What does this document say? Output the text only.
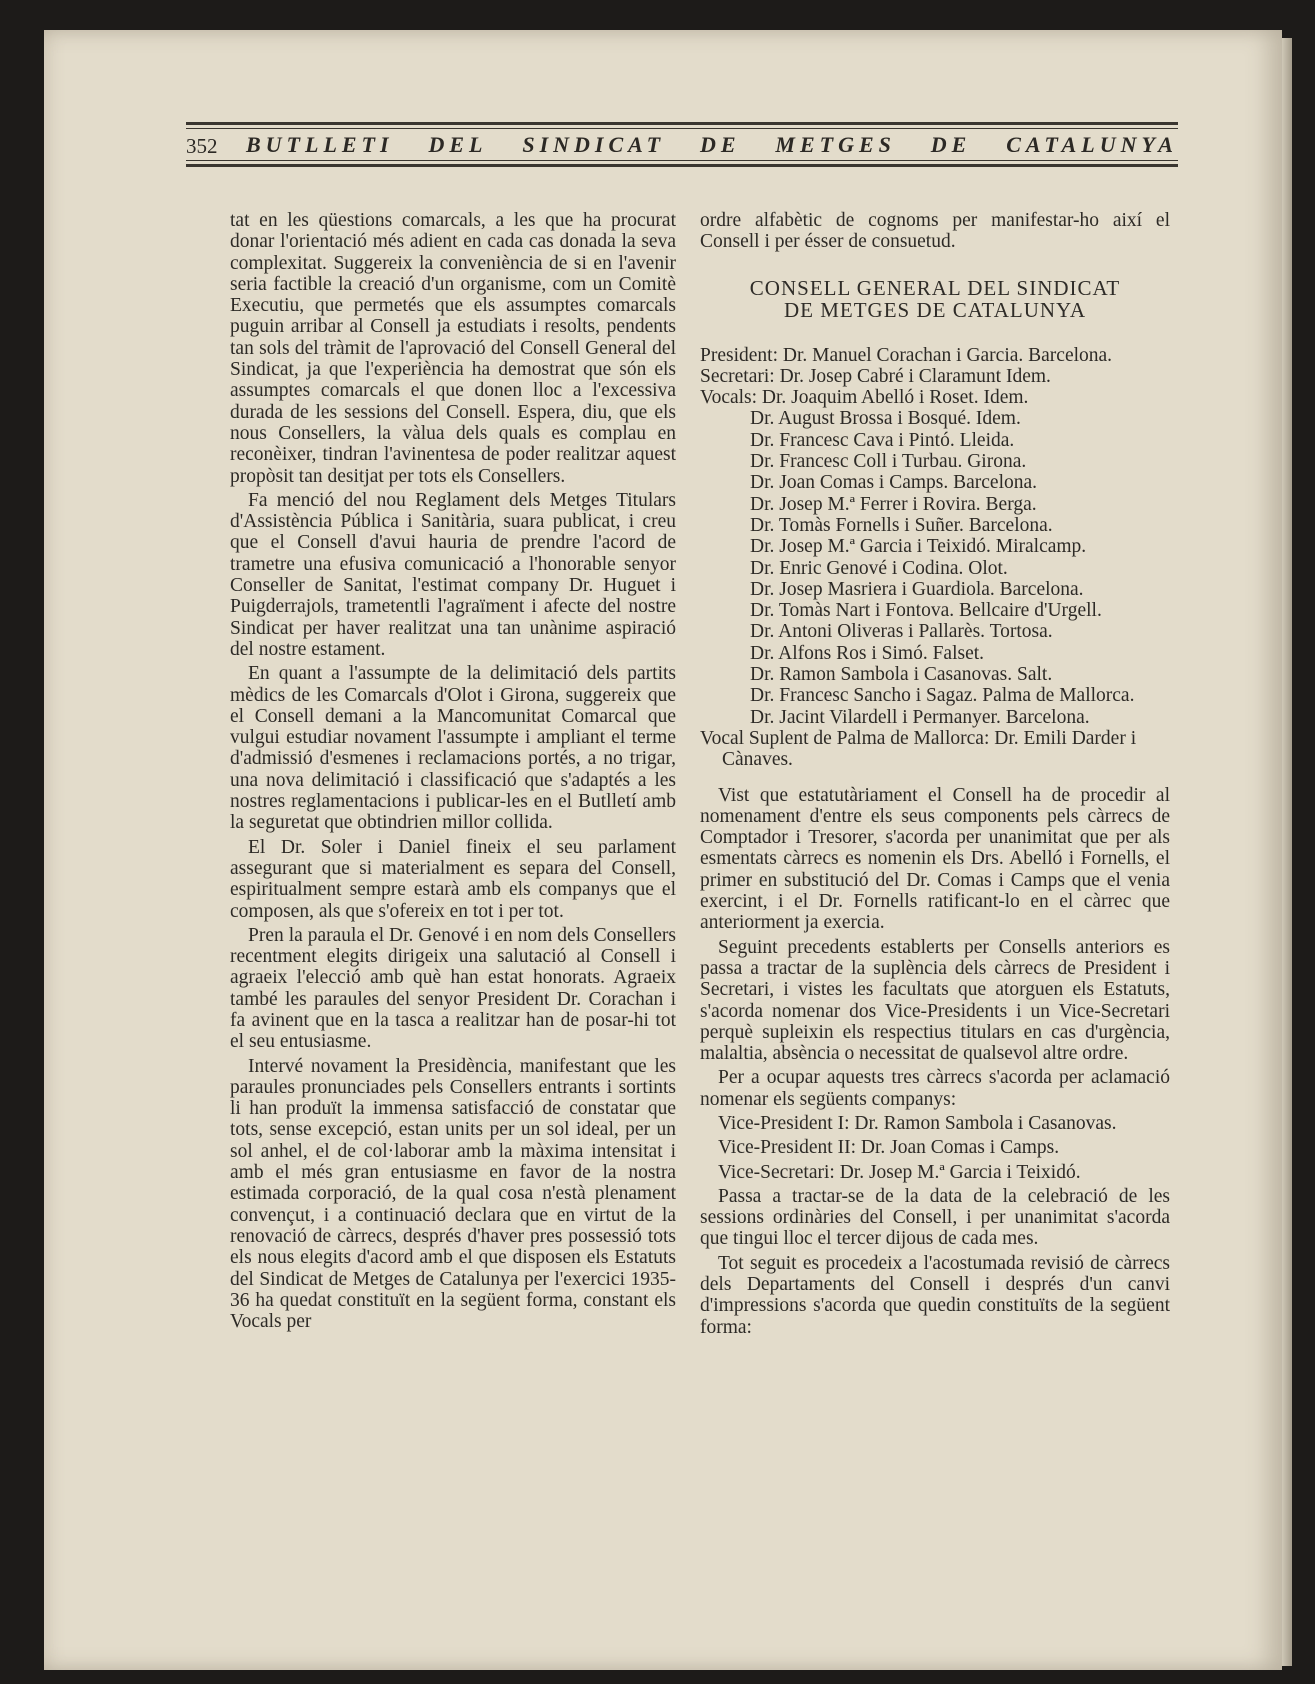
352 BUTLLETI DEL SINDICAT DE METGES DE CATALUNYA

tat en les qüestions comarcals, a les que ha procurat donar l'orientació més adient en cada cas donada la seva complexitat. Suggereix la conveniència de si en l'avenir seria factible la creació d'un organisme, com un Comitè Executiu, que permetés que els assumptes comarcals puguin arribar al Consell ja estudiats i resolts, pendents tan sols del tràmit de l'aprovació del Consell General del Sindicat, ja que l'experiència ha demostrat que són els assumptes comarcals el que donen lloc a l'excessiva durada de les sessions del Consell. Espera, diu, que els nous Consellers, la vàlua dels quals es complau en reconèixer, tindran l'avinentesa de poder realitzar aquest propòsit tan desitjat per tots els Consellers.

Fa menció del nou Reglament dels Metges Titulars d'Assistència Pública i Sanitària, suara publicat, i creu que el Consell d'avui hauria de prendre l'acord de trametre una efusiva comunicació a l'honorable senyor Conseller de Sanitat, l'estimat company Dr. Huguet i Puigderrajols, trametentli l'agraïment i afecte del nostre Sindicat per haver realitzat una tan unànime aspiració del nostre estament.

En quant a l'assumpte de la delimitació dels partits mèdics de les Comarcals d'Olot i Girona, suggereix que el Consell demani a la Mancomunitat Comarcal que vulgui estudiar novament l'assumpte i ampliant el terme d'admissió d'esmenes i reclamacions portés, a no trigar, una nova delimitació i classificació que s'adaptés a les nostres reglamentacions i publicar-les en el Butlletí amb la seguretat que obtindrien millor collida.

El Dr. Soler i Daniel fineix el seu parlament assegurant que si materialment es separa del Consell, espiritualment sempre estarà amb els companys que el composen, als que s'ofereix en tot i per tot.

Pren la paraula el Dr. Genové i en nom dels Consellers recentment elegits dirigeix una salutació al Consell i agraeix l'elecció amb què han estat honorats. Agraeix també les paraules del senyor President Dr. Corachan i fa avinent que en la tasca a realitzar han de posar-hi tot el seu entusiasme.

Intervé novament la Presidència, manifestant que les paraules pronunciades pels Consellers entrants i sortints li han produït la immensa satisfacció de constatar que tots, sense excepció, estan units per un sol ideal, per un sol anhel, el de col·laborar amb la màxima intensitat i amb el més gran entusiasme en favor de la nostra estimada corporació, de la qual cosa n'està plenament convençut, i a continuació declara que en virtut de la renovació de càrrecs, després d'haver pres possessió tots els nous elegits d'acord amb el que disposen els Estatuts del Sindicat de Metges de Catalunya per l'exercici 1935-36 ha quedat constituït en la següent forma, constant els Vocals per

ordre alfabètic de cognoms per manifestar-ho així el Consell i per ésser de consuetud.

CONSELL GENERAL DEL SINDICAT
DE METGES DE CATALUNYA
President: Dr. Manuel Corachan i Garcia. Barcelona.
Secretari: Dr. Josep Cabré i Claramunt Idem.
Vocals: Dr. Joaquim Abelló i Roset. Idem.
Dr. August Brossa i Bosqué. Idem.
Dr. Francesc Cava i Pintó. Lleida.
Dr. Francesc Coll i Turbau. Girona.
Dr. Joan Comas i Camps. Barcelona.
Dr. Josep M.ª Ferrer i Rovira. Berga.
Dr. Tomàs Fornells i Suñer. Barcelona.
Dr. Josep M.ª Garcia i Teixidó. Miralcamp.
Dr. Enric Genové i Codina. Olot.
Dr. Josep Masriera i Guardiola. Barcelona.
Dr. Tomàs Nart i Fontova. Bellcaire d'Urgell.
Dr. Antoni Oliveras i Pallarès. Tortosa.
Dr. Alfons Ros i Simó. Falset.
Dr. Ramon Sambola i Casanovas. Salt.
Dr. Francesc Sancho i Sagaz. Palma de Mallorca.
Dr. Jacint Vilardell i Permanyer. Barcelona.
Vocal Suplent de Palma de Mallorca: Dr. Emili Darder i Cànaves.

Vist que estatutàriament el Consell ha de procedir al nomenament d'entre els seus components pels càrrecs de Comptador i Tresorer, s'acorda per unanimitat que per als esmentats càrrecs es nomenin els Drs. Abelló i Fornells, el primer en substitució del Dr. Comas i Camps que el venia exercint, i el Dr. Fornells ratificant-lo en el càrrec que anteriorment ja exercia.

Seguint precedents establerts per Consells anteriors es passa a tractar de la suplència dels càrrecs de President i Secretari, i vistes les facultats que atorguen els Estatuts, s'acorda nomenar dos Vice-Presidents i un Vice-Secretari perquè supleixin els respectius titulars en cas d'urgència, malaltia, absència o necessitat de qualsevol altre ordre.

Per a ocupar aquests tres càrrecs s'acorda per aclamació nomenar els següents companys:

Vice-President I: Dr. Ramon Sambola i Casanovas.

Vice-President II: Dr. Joan Comas i Camps.

Vice-Secretari: Dr. Josep M.ª Garcia i Teixidó.

Passa a tractar-se de la data de la celebració de les sessions ordinàries del Consell, i per unanimitat s'acorda que tingui lloc el tercer dijous de cada mes.

Tot seguit es procedeix a l'acostumada revisió de càrrecs dels Departaments del Consell i després d'un canvi d'impressions s'acorda que quedin constituïts de la següent forma:
